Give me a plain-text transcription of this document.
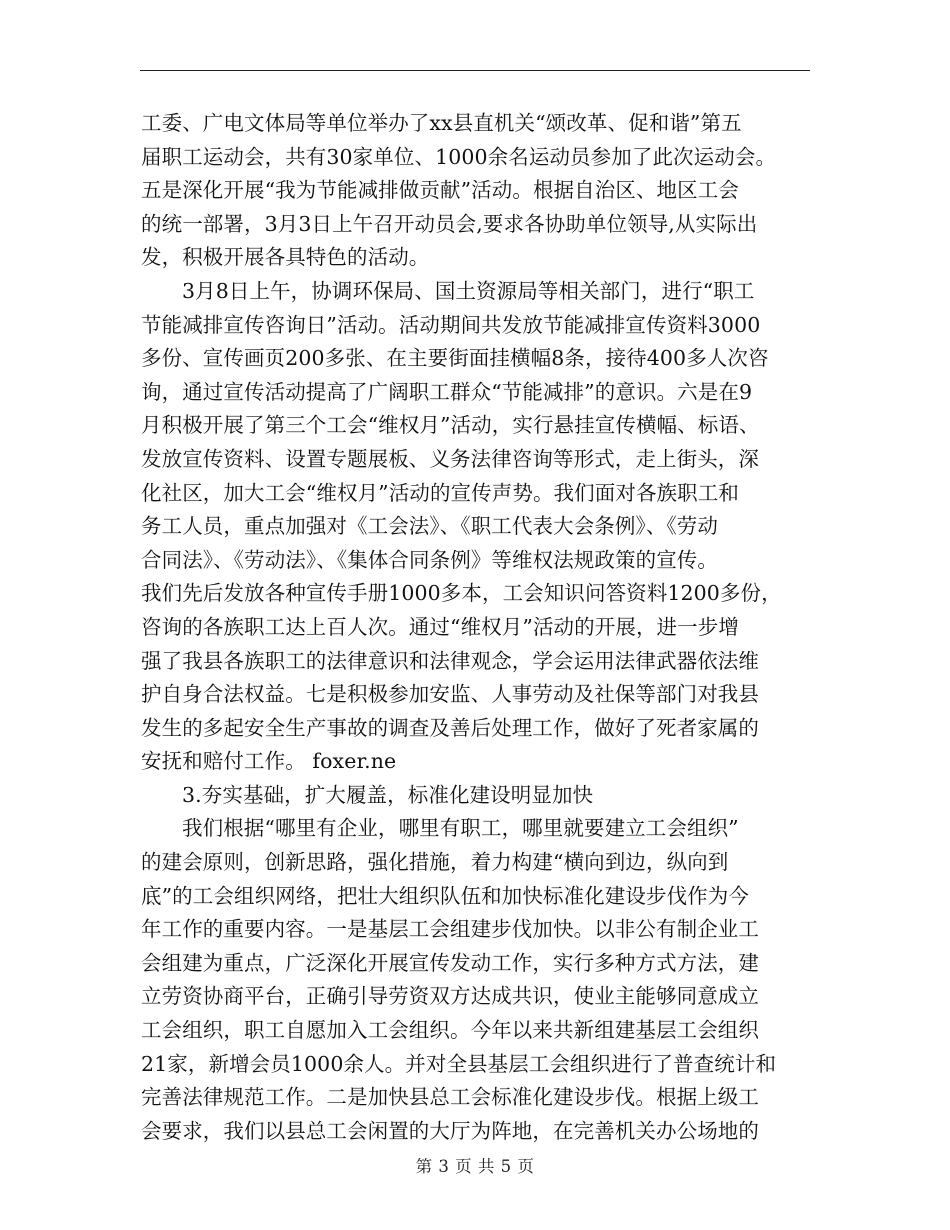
工委、广电文体局等单位举办了xx县直机关“颂改革、促和谐”第五
届职工运动会，共有30家单位、1000余名运动员参加了此次运动会。
五是深化开展“我为节能减排做贡献”活动。根据自治区、地区工会
的统一部署，3月3日上午召开动员会,要求各协助单位领导,从实际出
发，积极开展各具特色的活动。
3月8日上午，协调环保局、国土资源局等相关部门，进行“职工
节能减排宣传咨询日”活动。活动期间共发放节能减排宣传资料3000
多份、宣传画页200多张、在主要街面挂横幅8条，接待400多人次咨
询，通过宣传活动提高了广阔职工群众“节能减排”的意识。六是在9
月积极开展了第三个工会“维权月”活动，实行悬挂宣传横幅、标语、
发放宣传资料、设置专题展板、义务法律咨询等形式，走上街头，深
化社区，加大工会“维权月”活动的宣传声势。我们面对各族职工和
务工人员，重点加强对《工会法》、《职工代表大会条例》、《劳动
合同法》、《劳动法》、《集体合同条例》等维权法规政策的宣传。
我们先后发放各种宣传手册1000多本，工会知识问答资料1200多份，
咨询的各族职工达上百人次。通过“维权月”活动的开展，进一步增
强了我县各族职工的法律意识和法律观念，学会运用法律武器依法维
护自身合法权益。七是积极参加安监、人事劳动及社保等部门对我县
发生的多起安全生产事故的调查及善后处理工作，做好了死者家属的
安抚和赔付工作。 foxer.ne
3.夯实基础，扩大履盖，标准化建设明显加快
我们根据“哪里有企业，哪里有职工，哪里就要建立工会组织”
的建会原则，创新思路，强化措施，着力构建“横向到边，纵向到
底”的工会组织网络，把壮大组织队伍和加快标准化建设步伐作为今
年工作的重要内容。一是基层工会组建步伐加快。以非公有制企业工
会组建为重点，广泛深化开展宣传发动工作，实行多种方式方法，建
立劳资协商平台，正确引导劳资双方达成共识，使业主能够同意成立
工会组织，职工自愿加入工会组织。今年以来共新组建基层工会组织
21家，新增会员1000余人。并对全县基层工会组织进行了普查统计和
完善法律规范工作。二是加快县总工会标准化建设步伐。根据上级工
会要求，我们以县总工会闲置的大厅为阵地，在完善机关办公场地的
第 3 页 共 5 页
